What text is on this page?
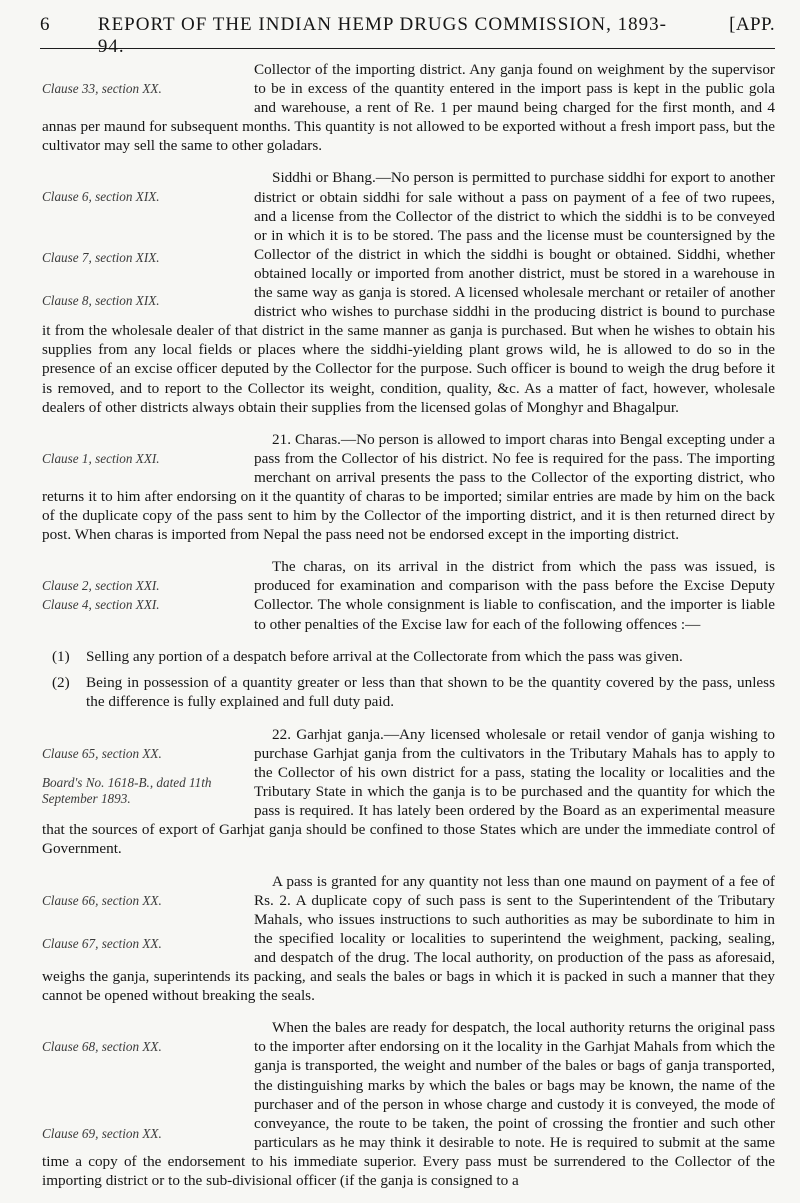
6	REPORT OF THE INDIAN HEMP DRUGS COMMISSION, 1893-94.
[APP.
Clause 33, section XX.

Collector of the importing district. Any ganja found on weighment by the supervisor to be in excess of the quantity entered in the import pass is kept in the public gola and warehouse, a rent of Re. 1 per maund being charged for the first month, and 4 annas per maund for subsequent months. This quantity is not allowed to be exported without a fresh import pass, but the cultivator may sell the same to other goladars.

Clause 6, section XIX.
Clause 7, section XIX.
Clause 8, section XIX.

Siddhi or Bhang.—No person is permitted to purchase siddhi for export to another district or obtain siddhi for sale without a pass on payment of a fee of two rupees, and a license from the Collector of the district to which the siddhi is to be conveyed or in which it is to be stored. The pass and the license must be countersigned by the Collector of the district in which the siddhi is bought or obtained. Siddhi, whether obtained locally or imported from another district, must be stored in a warehouse in the same way as ganja is stored. A licensed wholesale merchant or retailer of another district who wishes to purchase siddhi in the producing district is bound to purchase it from the wholesale dealer of that district in the same manner as ganja is purchased. But when he wishes to obtain his supplies from any local fields or places where the siddhi-yielding plant grows wild, he is allowed to do so in the presence of an excise officer deputed by the Collector for the purpose. Such officer is bound to weigh the drug before it is removed, and to report to the Collector its weight, condition, quality, &c. As a matter of fact, however, wholesale dealers of other districts always obtain their supplies from the licensed golas of Monghyr and Bhagalpur.

Clause 1, section XXI.

21. Charas.—No person is allowed to import charas into Bengal excepting under a pass from the Collector of his district. No fee is required for the pass. The importing merchant on arrival presents the pass to the Collector of the exporting district, who returns it to him after endorsing on it the quantity of charas to be imported; similar entries are made by him on the back of the duplicate copy of the pass sent to him by the Collector of the importing district, and it is then returned direct by post. When charas is imported from Nepal the pass need not be endorsed except in the importing district.

Clause 2, section XXI.
Clause 4, section XXI.

The charas, on its arrival in the district from which the pass was issued, is produced for examination and comparison with the pass before the Excise Deputy Collector. The whole consignment is liable to confiscation, and the importer is liable to other penalties of the Excise law for each of the following offences :—

(1) Selling any portion of a despatch before arrival at the Collectorate from which the pass was given.
(2) Being in possession of a quantity greater or less than that shown to be the quantity covered by the pass, unless the difference is fully explained and full duty paid.
Clause 65, section XX.
Board's No. 1618-B., dated 11th September 1893.

22. Garhjat ganja.—Any licensed wholesale or retail vendor of ganja wishing to purchase Garhjat ganja from the cultivators in the Tributary Mahals has to apply to the Collector of his own district for a pass, stating the locality or localities and the Tributary State in which the ganja is to be purchased and the quantity for which the pass is required. It has lately been ordered by the Board as an experimental measure that the sources of export of Garhjat ganja should be confined to those States which are under the immediate control of Government.

Clause 66, section XX.
Clause 67, section XX.

A pass is granted for any quantity not less than one maund on payment of a fee of Rs. 2. A duplicate copy of such pass is sent to the Superintendent of the Tributary Mahals, who issues instructions to such authorities as may be subordinate to him in the specified locality or localities to superintend the weighment, packing, sealing, and despatch of the drug. The local authority, on production of the pass as aforesaid, weighs the ganja, superintends its packing, and seals the bales or bags in which it is packed in such a manner that they cannot be opened without breaking the seals.

Clause 68, section XX.
Clause 69, section XX.

When the bales are ready for despatch, the local authority returns the original pass to the importer after endorsing on it the locality in the Garhjat Mahals from which the ganja is transported, the weight and number of the bales or bags of ganja transported, the distinguishing marks by which the bales or bags may be known, the name of the purchaser and of the person in whose charge and custody it is conveyed, the mode of conveyance, the route to be taken, the point of crossing the frontier and such other particulars as he may think it desirable to note. He is required to submit at the same time a copy of the endorsement to his immediate superior. Every pass must be surrendered to the Collector of the importing district or to the sub-divisional officer (if the ganja is consigned to a
